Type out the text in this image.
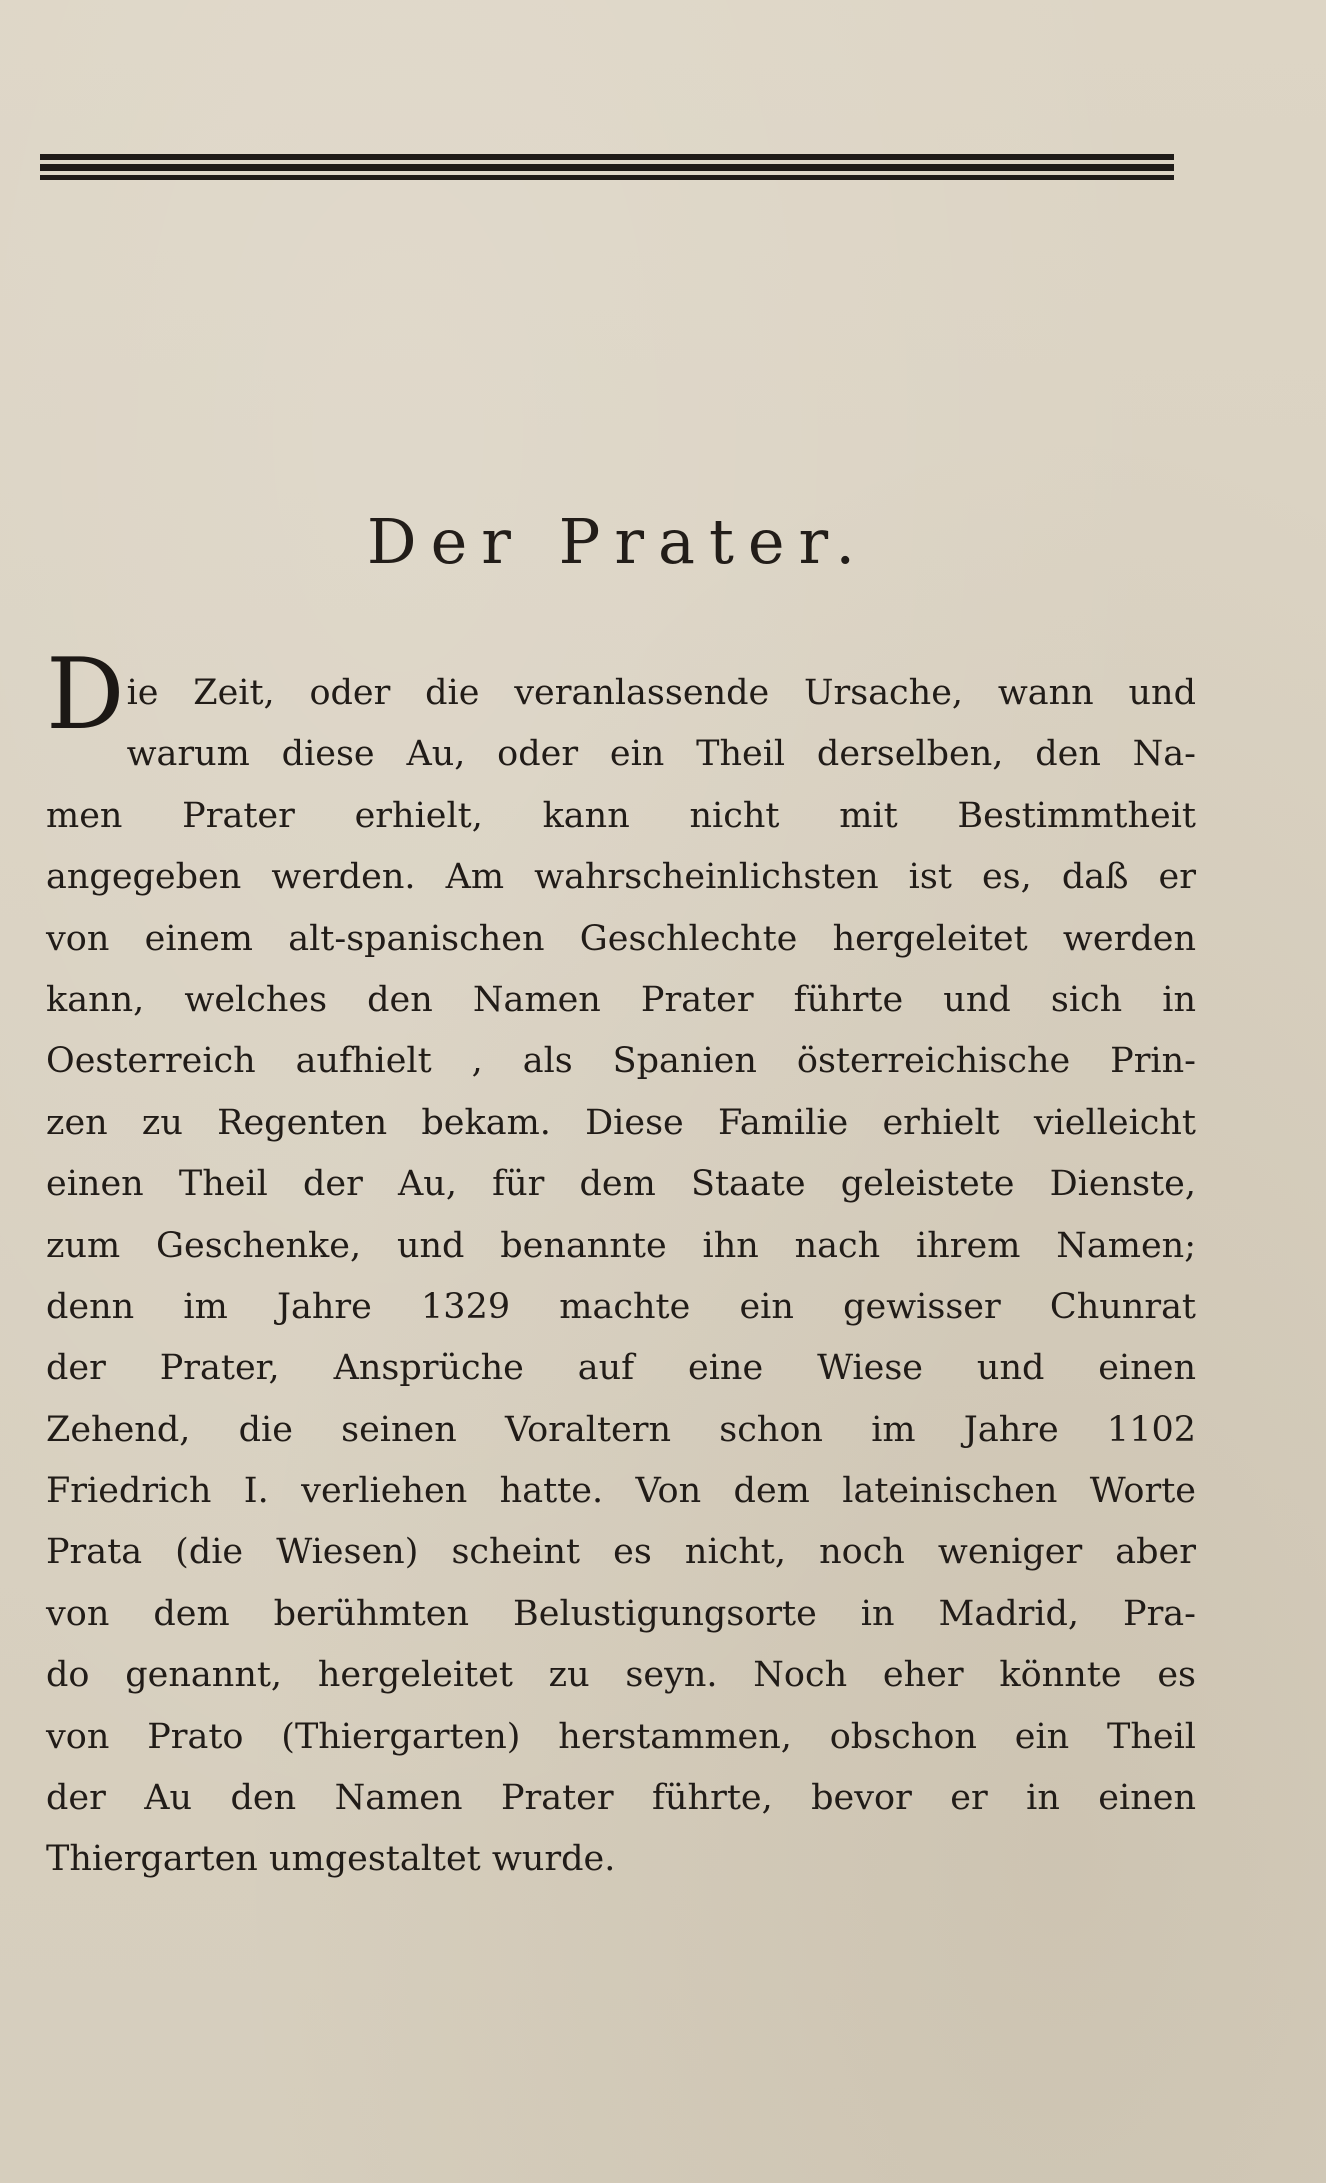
Der Prater.
D ie Zeit, oder die veranlassende Ursache, wann und
warum diese Au, oder ein Theil derselben, den Na-
men Prater erhielt, kann nicht mit Bestimmtheit
angegeben werden. Am wahrscheinlichsten ist es, daß er
von einem alt-spanischen Geschlechte hergeleitet werden
kann, welches den Namen Prater führte und sich in
Oesterreich aufhielt , als Spanien österreichische Prin-
zen zu Regenten bekam. Diese Familie erhielt vielleicht
einen Theil der Au, für dem Staate geleistete Dienste,
zum Geschenke, und benannte ihn nach ihrem Namen;
denn im Jahre 1329 machte ein gewisser Chunrat
der Prater, Ansprüche auf eine Wiese und einen
Zehend, die seinen Voraltern schon im Jahre 1102
Friedrich I. verliehen hatte. Von dem lateinischen Worte
Prata (die Wiesen) scheint es nicht, noch weniger aber
von dem berühmten Belustigungsorte in Madrid, Pra-
do genannt, hergeleitet zu seyn. Noch eher könnte es
von Prato (Thiergarten) herstammen, obschon ein Theil
der Au den Namen Prater führte, bevor er in einen
Thiergarten umgestaltet wurde.
